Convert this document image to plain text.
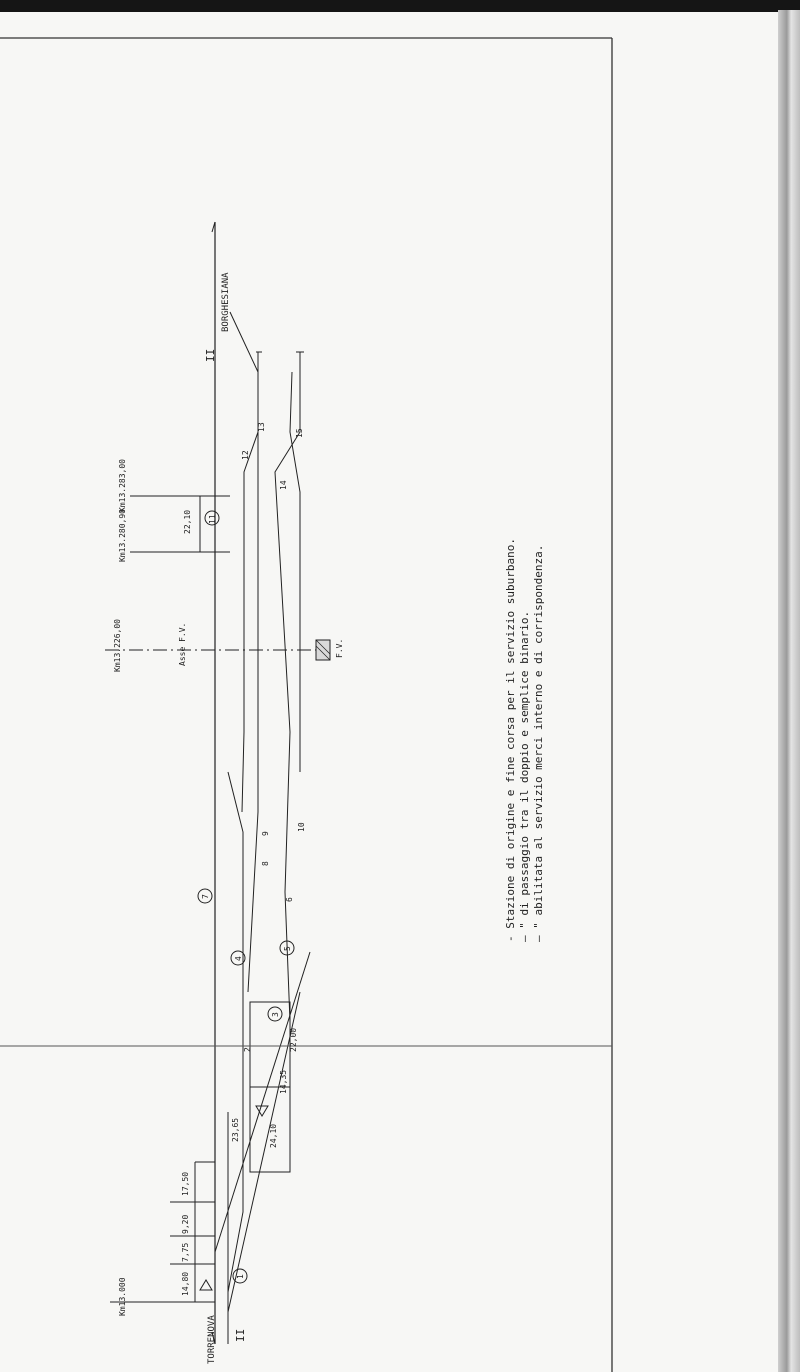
TORRENOVA
BORGHESIANA
Km13.000
Km13.226,00	Asse F.V.
Km13.280,90
Km13.283,00
F.V.
14,80
7,75
9,20
17,50
23,65	24,10
14,35
22,00
22,10
2
6
8
9
10
12
13
14
15
1
3
4
5
7
11
II
II
- Stazione di origine e fine corsa per il servizio suburbano. – " di passaggio tra il doppio e semplice binario. – " abilitata al servizio merci interno e di corrispondenza.
